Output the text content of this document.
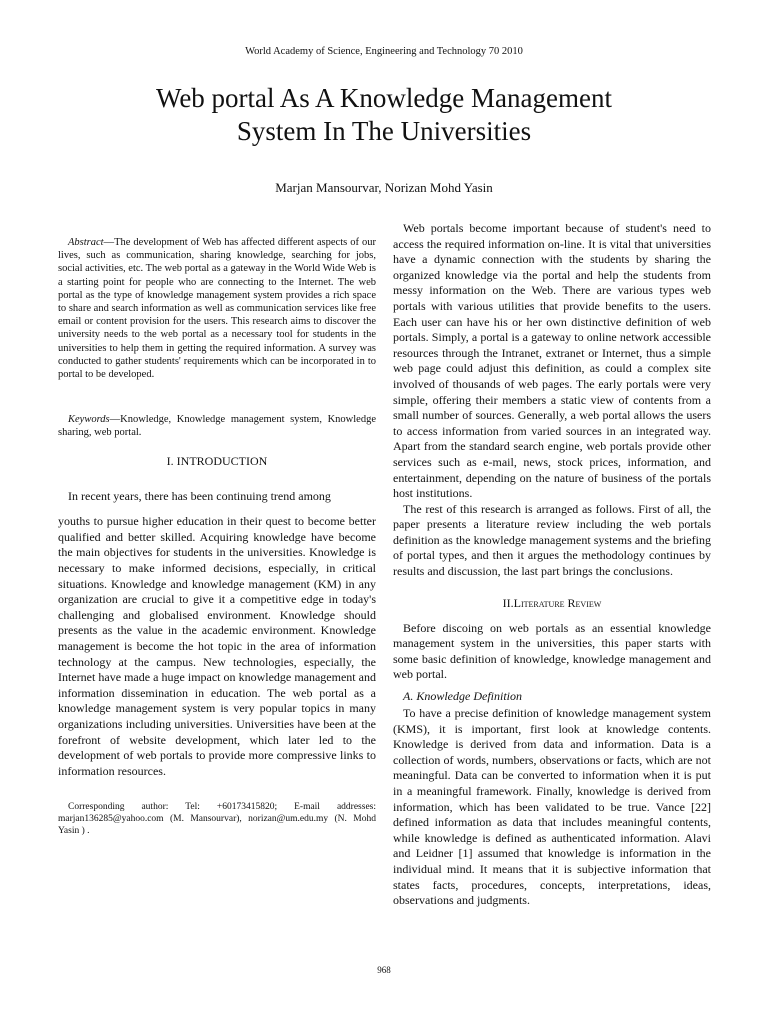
World Academy of Science, Engineering and Technology 70 2010
Web portal As A Knowledge Management
System In The Universities
Marjan Mansourvar, Norizan Mohd Yasin

Abstract—The development of Web has affected different aspects of our lives, such as communication, sharing knowledge, searching for jobs, social activities, etc. The web portal as a gateway in the World Wide Web is a starting point for people who are connecting to the Internet. The web portal as the type of knowledge management system provides a rich space to share and search information as well as communication services like free email or content provision for the users. This research aims to discover the university needs to the web portal as a necessary tool for students in the universities to help them in getting the required information. A survey was conducted to gather students' requirements which can be incorporated in to portal to be developed.

Keywords—Knowledge, Knowledge management system, Knowledge sharing, web portal.

I. INTRODUCTION

In recent years, there has been continuing trend among

youths to pursue higher education in their quest to become better qualified and better skilled. Acquiring knowledge have become the main objectives for students in the universities. Knowledge is necessary to make informed decisions, especially, in critical situations. Knowledge and knowledge management (KM) in any organization are crucial to give it a competitive edge in today's challenging and globalised environment. Knowledge should presents as the value in the academic environment. Knowledge management is become the hot topic in the area of information technology at the campus. New technologies, especially, the Internet have made a huge impact on knowledge management and information dissemination in education. The web portal as a knowledge management system is very popular topics in many organizations including universities. Universities have been at the forefront of website development, which later led to the development of web portals to provide more compressive links to information resources.

Corresponding author: Tel: +60173415820; E-mail addresses: marjan136285@yahoo.com (M. Mansourvar), norizan@um.edu.my (N. Mohd Yasin ) .

Web portals become important because of student's need to access the required information on-line. It is vital that universities have a dynamic connection with the students by sharing the organized knowledge via the portal and help the students from messy information on the Web. There are various types web portals with various utilities that provide benefits to the users. Each user can have his or her own distinctive definition of web portals. Simply, a portal is a gateway to online network accessible resources through the Intranet, extranet or Internet, thus a simple web page could adjust this definition, as could a complex site involved of thousands of web pages. The early portals were very simple, offering their members a static view of contents from a small number of sources. Generally, a web portal allows the users to access information from varied sources in an integrated way. Apart from the standard search engine, web portals provide other services such as e-mail, news, stock prices, information, and entertainment, depending on the nature of business of the portals host institutions.

The rest of this research is arranged as follows. First of all, the paper presents a literature review including the web portals definition as the knowledge management systems and the briefing of portal types, and then it argues the methodology continues by results and discussion, the last part brings the conclusions.

II.Literature Review

Before discoing on web portals as an essential knowledge management system in the universities, this paper starts with some basic definition of knowledge, knowledge management and web portal.

A. Knowledge Definition

To have a precise definition of knowledge management system (KMS), it is important, first look at knowledge contents. Knowledge is derived from data and information. Data is a collection of words, numbers, observations or facts, which are not meaningful. Data can be converted to information when it is put in a meaningful framework. Finally, knowledge is derived from information, which has been validated to be true. Vance [22] defined information as data that includes meaningful contents, while knowledge is defined as authenticated information. Alavi and Leidner [1] assumed that knowledge is information in the individual mind. It means that it is subjective information that states facts, procedures, concepts, interpretations, ideas, observations and judgments.

968
